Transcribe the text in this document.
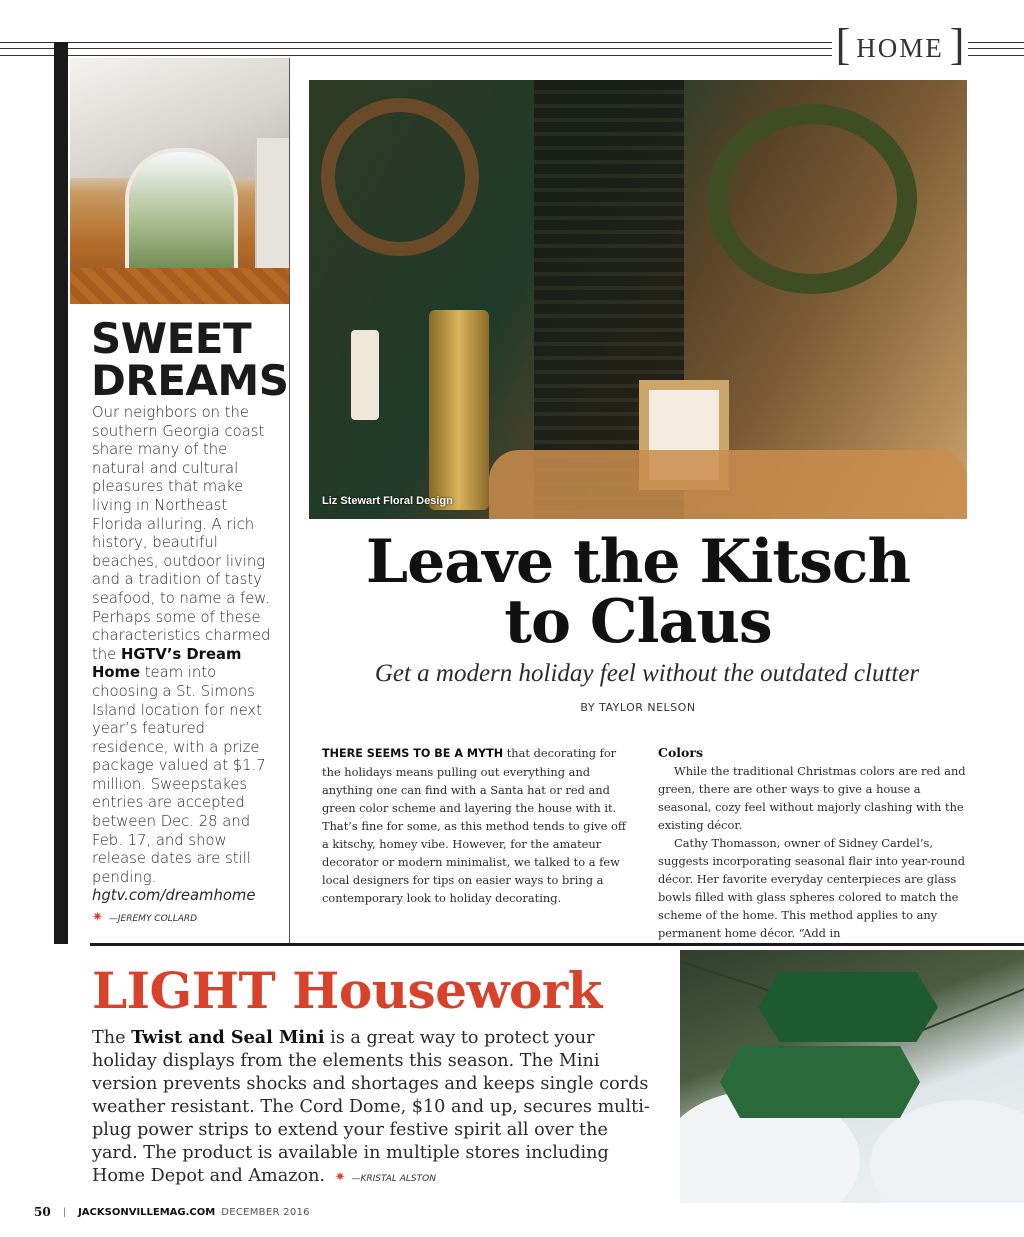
[ HOME ]
SWEET
DREAMS
Our neighbors on the southern Georgia coast share many of the natural and cultural pleasures that make living in Northeast Florida alluring. A rich history, beautiful beaches, outdoor living and a tradition of tasty seafood, to name a few. Perhaps some of these characteristics charmed the HGTV’s Dream Home team into choosing a St. Simons Island location for next year’s featured residence, with a prize package valued at $1.7 million. Sweepstakes entries are accepted between Dec. 28 and Feb. 17, and show release dates are still pending. hgtv.com/dreamhome
✷ —JEREMY COLLARD
Liz Stewart Floral Design
Leave the Kitsch
to Claus
Get a modern holiday feel without the outdated clutter
BY TAYLOR NELSON
THERE SEEMS TO BE A MYTH that decorating for the holidays means pulling out everything and anything one can find with a Santa hat or red and green color scheme and layering the house with it. That’s fine for some, as this method tends to give off a kitschy, homey vibe. However, for the amateur decorator or modern minimalist, we talked to a few local designers for tips on easier ways to bring a contemporary look to holiday decorating.
Colors

While the traditional Christmas colors are red and green, there are other ways to give a house a seasonal, cozy feel without majorly clashing with the existing décor.

Cathy Thomasson, owner of Sidney Cardel’s, suggests incorporating seasonal flair into year-round décor. Her favorite everyday centerpieces are glass bowls filled with glass spheres colored to match the scheme of the home. This method applies to any permanent home décor. “Add in

LIGHT Housework
The Twist and Seal Mini is a great way to protect your holiday displays from the elements this season. The Mini version prevents shocks and shortages and keeps single cords weather resistant. The Cord Dome, $10 and up, secures multi-plug power strips to extend your festive spirit all over the yard. The product is available in multiple stores including Home Depot and Amazon. ✷ —KRISTAL ALSTON
50 | JACKSONVILLEMAG.COM DECEMBER 2016
